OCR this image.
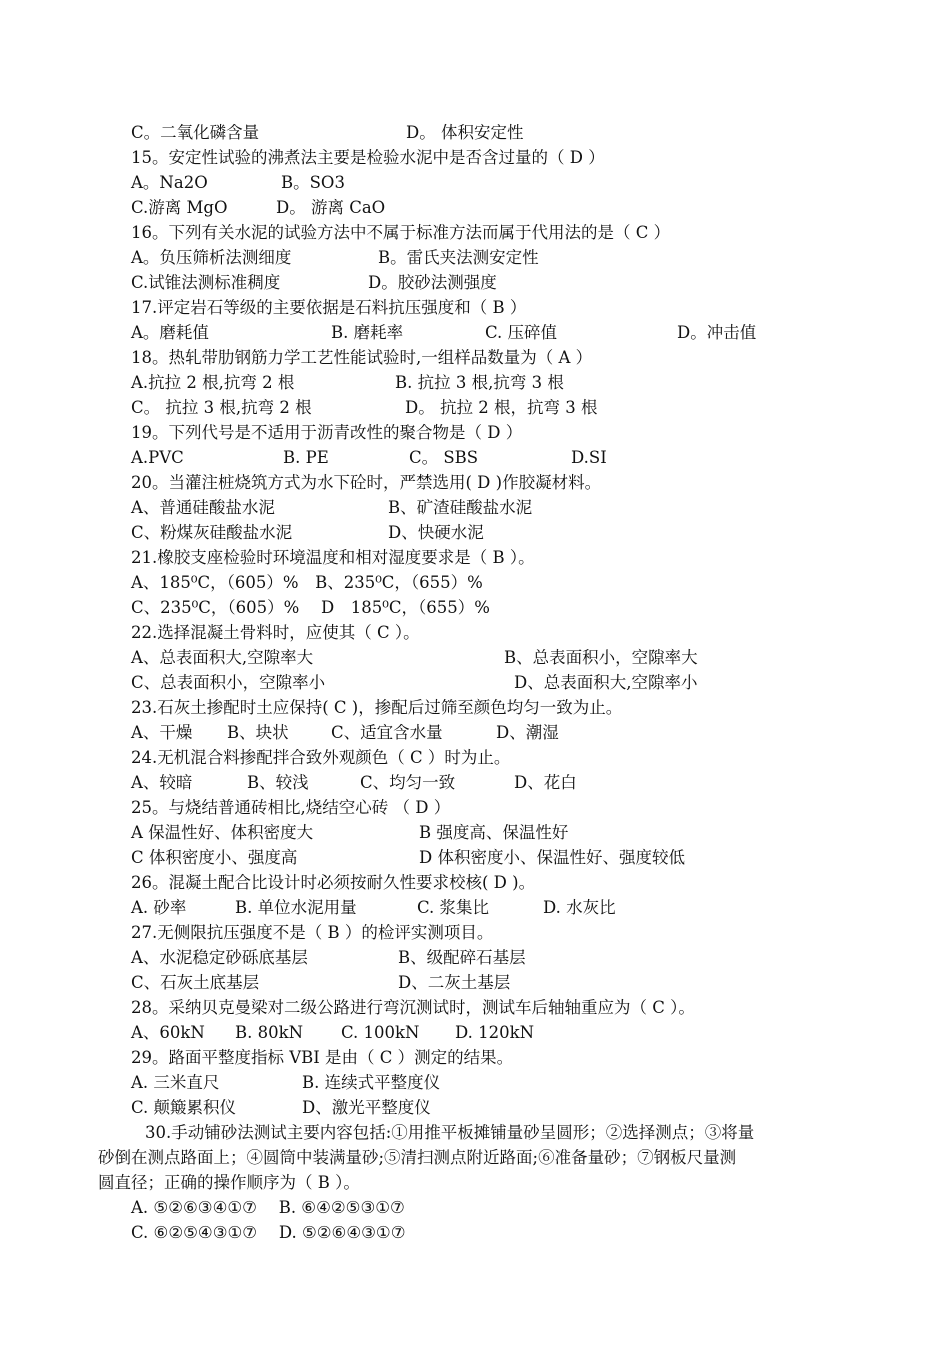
C。二氧化磷含量

	D。 体积安定性

15。安定性试验的沸煮法主要是检验水泥中是否含过量的（ D ）

A。Na2O

	B。SO3

C.游离 MgO

	D。 游离 CaO

16。下列有关水泥的试验方法中不属于标准方法而属于代用法的是（ C ）

A。负压筛析法测细度

	B。雷氏夹法测安定性

C.试锥法测标准稠度

	D。胶砂法测强度

17.评定岩石等级的主要依据是石料抗压强度和（ B ）

A。磨耗值

	B. 磨耗率

	C. 压碎值

	D。冲击值

18。热轧带肋钢筋力学工艺性能试验时,一组样品数量为（ A ）

A.抗拉 2 根,抗弯 2 根

	B. 抗拉 3 根,抗弯 3 根

C。 抗拉 3 根,抗弯 2 根

	D。 抗拉 2 根，抗弯 3 根

19。下列代号是不适用于沥青改性的聚合物是（ D ）

A.PVC

	B. PE

	C。 SBS

	D.SI

20。当灌注桩烧筑方式为水下砼时，严禁选用( D )作胶凝材料。

A、普通硅酸盐水泥

	B、矿渣硅酸盐水泥

C、粉煤灰硅酸盐水泥

	D、快硬水泥

21.橡胶支座检验时环境温度和相对湿度要求是（ B ）。

A、185⁰C，（605）%　B、235⁰C，（655）%

C、235⁰C，（605）%　 D　185⁰C，（655）%

22.选择混凝土骨料时，应使其（ C ）。

A、总表面积大,空隙率大

	B、总表面积小，空隙率大

C、总表面积小，空隙率小

	D、总表面积大,空隙率小

23.石灰土掺配时土应保持( C )，掺配后过筛至颜色均匀一致为止。

A、干燥

B、块状

	C、适宜含水量

	D、潮湿

24.无机混合料掺配拌合致外观颜色（ C ）时为止。

A、较暗

	B、较浅

	C、均匀一致

	D、花白

25。与烧结普通砖相比,烧结空心砖 （ D ）

A 保温性好、体积密度大

	B 强度高、保温性好

C 体积密度小、强度高

	D 体积密度小、保温性好、强度较低

26。混凝土配合比设计时必须按耐久性要求校核( D )。

A. 砂率

	B. 单位水泥用量

	C. 浆集比

	D. 水灰比

27.无侧限抗压强度不是（ B ）的检评实测项目。

A、水泥稳定砂砾底基层

	B、级配碎石基层

C、石灰土底基层

	D、二灰土基层

28。采纳贝克曼梁对二级公路进行弯沉测试时，测试车后轴轴重应为（ C ）。

A、60kN

B. 80kN

C. 100kN

D. 120kN

29。路面平整度指标 VBI 是由（ C ）测定的结果。

A. 三米直尺

	B. 连续式平整度仪

C. 颠簸累积仪

	D、激光平整度仪

30.手动铺砂法测试主要内容包括:①用推平板摊铺量砂呈圆形；②选择测点；③将量

砂倒在测点路面上；④圆筒中装满量砂;⑤清扫测点附近路面;⑥准备量砂；⑦钢板尺量测

圆直径；正确的操作顺序为（ B ）。

A. ⑤②⑥③④①⑦　 B. ⑥④②⑤③①⑦

C. ⑥②⑤④③①⑦　 D. ⑤②⑥④③①⑦
